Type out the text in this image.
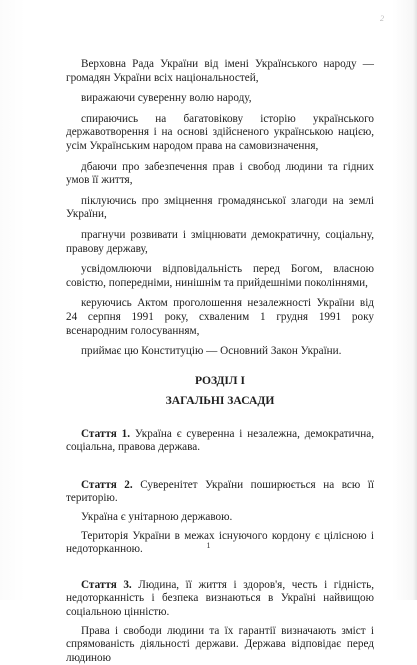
2

Верховна Рада України від імені Українського народу — громадян України всіх національностей,

виражаючи суверенну волю народу,

спираючись на багатовікову історію українського державотворення і на основі здійсненого українською нацією, усім Українським народом права на самовизначення,

дбаючи про забезпечення прав і свобод людини та гідних умов її життя,

піклуючись про зміцнення громадянської злагоди на землі України,

прагнучи розвивати і зміцнювати демократичну, соціальну, правову державу,

усвідомлюючи відповідальність перед Богом, власною совістю, попередніми, нинішнім та прийдешніми поколіннями,

керуючись Актом проголошення незалежності України від 24 серпня 1991 року, схваленим 1 грудня 1991 року всенародним голосуванням,

приймає цю Конституцію — Основний Закон України.

РОЗДІЛ І

ЗАГАЛЬНІ ЗАСАДИ

Стаття 1. Україна є суверенна і незалежна, демократична, соціальна, правова держава.

Стаття 2. Суверенітет України поширюється на всю її територію.

Україна є унітарною державою.

Територія України в межах існуючого кордону є цілісною і недоторканною.

Стаття 3. Людина, її життя і здоров'я, честь і гідність, недоторканність і безпека визнаються в Україні найвищою соціальною цінністю.

Права і свободи людини та їх гарантії визначають зміст і спрямованість діяльності держави. Держава відповідає перед людиною

1
